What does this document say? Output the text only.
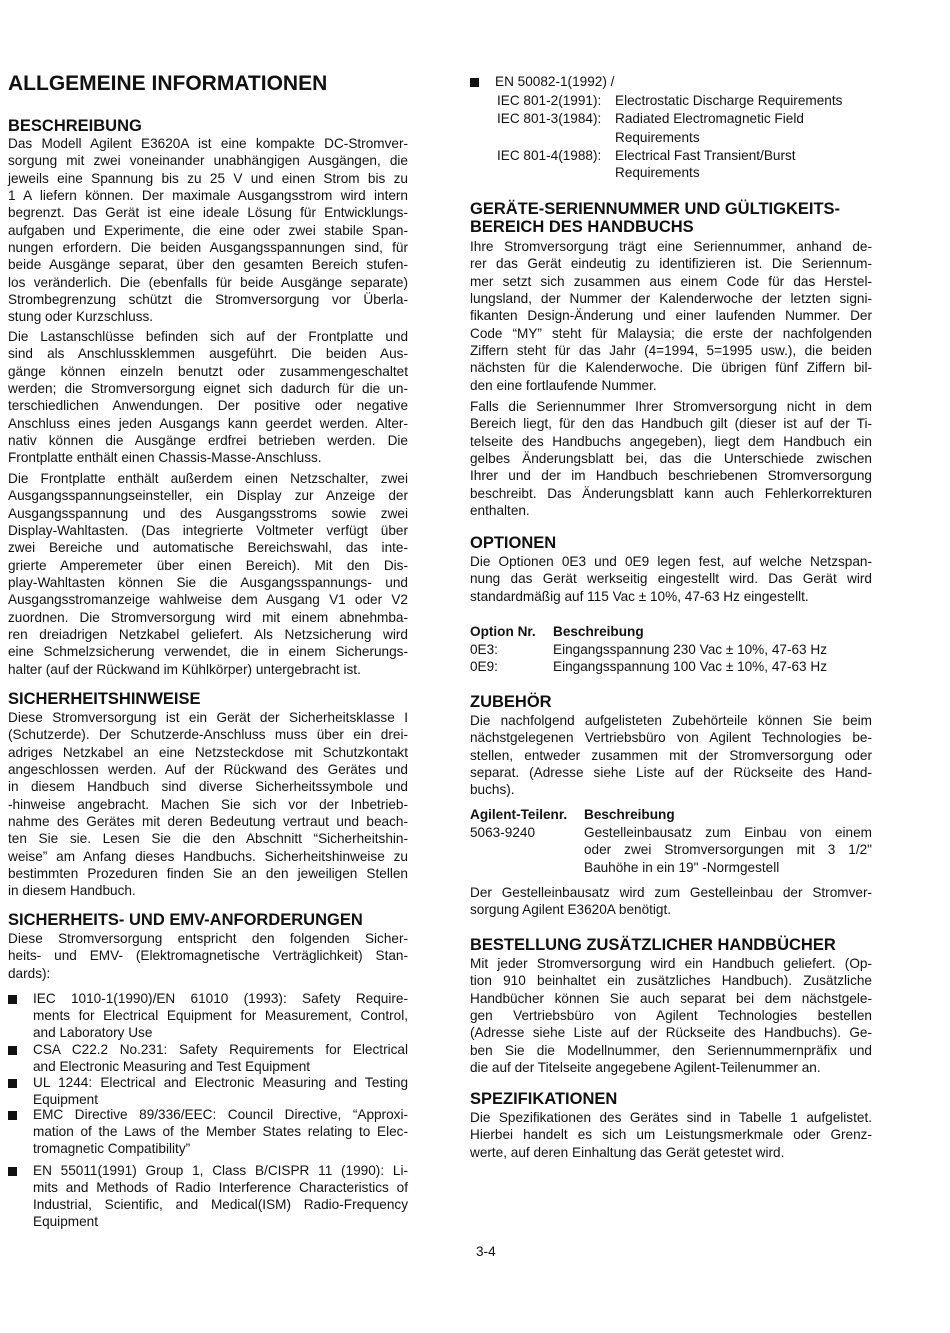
ALLGEMEINE INFORMATIONEN
BESCHREIBUNG
Das Modell Agilent E3620A ist eine kompakte DC-Stromver-
sorgung mit zwei voneinander unabhängigen Ausgängen, die
jeweils eine Spannung bis zu 25 V und einen Strom bis zu
1 A liefern können. Der maximale Ausgangsstrom wird intern
begrenzt. Das Gerät ist eine ideale Lösung für Entwicklungs-
aufgaben und Experimente, die eine oder zwei stabile Span-
nungen erfordern. Die beiden Ausgangsspannungen sind, für
beide Ausgänge separat, über den gesamten Bereich stufen-
los veränderlich. Die (ebenfalls für beide Ausgänge separate)
Strombegrenzung schützt die Stromversorgung vor Überla-
stung oder Kurzschluss.
Die Lastanschlüsse befinden sich auf der Frontplatte und
sind als Anschlussklemmen ausgeführt. Die beiden Aus-
gänge können einzeln benutzt oder zusammengeschaltet
werden; die Stromversorgung eignet sich dadurch für die un-
terschiedlichen Anwendungen. Der positive oder negative
Anschluss eines jeden Ausgangs kann geerdet werden. Alter-
nativ können die Ausgänge erdfrei betrieben werden. Die
Frontplatte enthält einen Chassis-Masse-Anschluss.
Die Frontplatte enthält außerdem einen Netzschalter, zwei
Ausgangsspannungseinsteller, ein Display zur Anzeige der
Ausgangsspannung und des Ausgangsstroms sowie zwei
Display-Wahltasten. (Das integrierte Voltmeter verfügt über
zwei Bereiche und automatische Bereichswahl, das inte-
grierte Amperemeter über einen Bereich). Mit den Dis-
play-Wahltasten können Sie die Ausgangsspannungs- und
Ausgangsstromanzeige wahlweise dem Ausgang V1 oder V2
zuordnen. Die Stromversorgung wird mit einem abnehmba-
ren dreiadrigen Netzkabel geliefert. Als Netzsicherung wird
eine Schmelzsicherung verwendet, die in einem Sicherungs-
halter (auf der Rückwand im Kühlkörper) untergebracht ist.
SICHERHEITSHINWEISE
Diese Stromversorgung ist ein Gerät der Sicherheitsklasse I
(Schutzerde). Der Schutzerde-Anschluss muss über ein drei-
adriges Netzkabel an eine Netzsteckdose mit Schutzkontakt
angeschlossen werden. Auf der Rückwand des Gerätes und
in diesem Handbuch sind diverse Sicherheitssymbole und
-hinweise angebracht. Machen Sie sich vor der Inbetrieb-
nahme des Gerätes mit deren Bedeutung vertraut und beach-
ten Sie sie. Lesen Sie die den Abschnitt “Sicherheitshin-
weise” am Anfang dieses Handbuchs. Sicherheitshinweise zu
bestimmten Prozeduren finden Sie an den jeweiligen Stellen
in diesem Handbuch.
SICHERHEITS- UND EMV-ANFORDERUNGEN
Diese Stromversorgung entspricht den folgenden Sicher-
heits- und EMV- (Elektromagnetische Verträglichkeit) Stan-
dards):
IEC 1010-1(1990)/EN 61010 (1993): Safety Require-
ments for Electrical Equipment for Measurement, Control,
and Laboratory Use
CSA C22.2 No.231: Safety Requirements for Electrical
and Electronic Measuring and Test Equipment
UL 1244: Electrical and Electronic Measuring and Testing
Equipment
EMC Directive 89/336/EEC: Council Directive, “Approxi-
mation of the Laws of the Member States relating to Elec-
tromagnetic Compatibility”
EN 55011(1991) Group 1, Class B/CISPR 11 (1990): Li-
mits and Methods of Radio Interference Characteristics of
Industrial, Scientific, and Medical(ISM) Radio-Frequency
Equipment
EN 50082-1(1992) /
IEC 801-2(1991): Electrostatic Discharge Requirements
IEC 801-3(1984): Radiated Electromagnetic Field
Requirements
IEC 801-4(1988): Electrical Fast Transient/Burst
Requirements
GERÄTE-SERIENNUMMER UND GÜLTIGKEITS-
BEREICH DES HANDBUCHS
Ihre Stromversorgung trägt eine Seriennummer, anhand de-
rer das Gerät eindeutig zu identifizieren ist. Die Seriennum-
mer setzt sich zusammen aus einem Code für das Herstel-
lungsland, der Nummer der Kalenderwoche der letzten signi-
fikanten Design-Änderung und einer laufenden Nummer. Der
Code “MY” steht für Malaysia; die erste der nachfolgenden
Ziffern steht für das Jahr (4=1994, 5=1995 usw.), die beiden
nächsten für die Kalenderwoche. Die übrigen fünf Ziffern bil-
den eine fortlaufende Nummer.
Falls die Seriennummer Ihrer Stromversorgung nicht in dem
Bereich liegt, für den das Handbuch gilt (dieser ist auf der Ti-
telseite des Handbuchs angegeben), liegt dem Handbuch ein
gelbes Änderungsblatt bei, das die Unterschiede zwischen
Ihrer und der im Handbuch beschriebenen Stromversorgung
beschreibt. Das Änderungsblatt kann auch Fehlerkorrekturen
enthalten.
OPTIONEN
Die Optionen 0E3 und 0E9 legen fest, auf welche Netzspan-
nung das Gerät werkseitig eingestellt wird. Das Gerät wird
standardmäßig auf 115 Vac ± 10%, 47-63 Hz eingestellt.
Option Nr. Beschreibung
0E3:	Eingangsspannung 230 Vac ± 10%, 47-63 Hz
0E9:	Eingangsspannung 100 Vac ± 10%, 47-63 Hz
ZUBEHÖR
Die nachfolgend aufgelisteten Zubehörteile können Sie beim
nächstgelegenen Vertriebsbüro von Agilent Technologies be-
stellen, entweder zusammen mit der Stromversorgung oder
separat. (Adresse siehe Liste auf der Rückseite des Hand-
buchs).
Agilent-Teilenr. Beschreibung
5063-9240	Gestelleinbausatz zum Einbau von einem
oder zwei Stromversorgungen mit 3 1/2"
Bauhöhe in ein 19" -Normgestell
Der Gestelleinbausatz wird zum Gestelleinbau der Stromver-
sorgung Agilent E3620A benötigt.
BESTELLUNG ZUSÄTZLICHER HANDBÜCHER
Mit jeder Stromversorgung wird ein Handbuch geliefert. (Op-
tion 910 beinhaltet ein zusätzliches Handbuch). Zusätzliche
Handbücher können Sie auch separat bei dem nächstgele-
gen Vertriebsbüro von Agilent Technologies bestellen
(Adresse siehe Liste auf der Rückseite des Handbuchs). Ge-
ben Sie die Modellnummer, den Seriennummernpräfix und
die auf der Titelseite angegebene Agilent-Teilenummer an.
SPEZIFIKATIONEN
Die Spezifikationen des Gerätes sind in Tabelle 1 aufgelistet.
Hierbei handelt es sich um Leistungsmerkmale oder Grenz-
werte, auf deren Einhaltung das Gerät getestet wird.
3-4
